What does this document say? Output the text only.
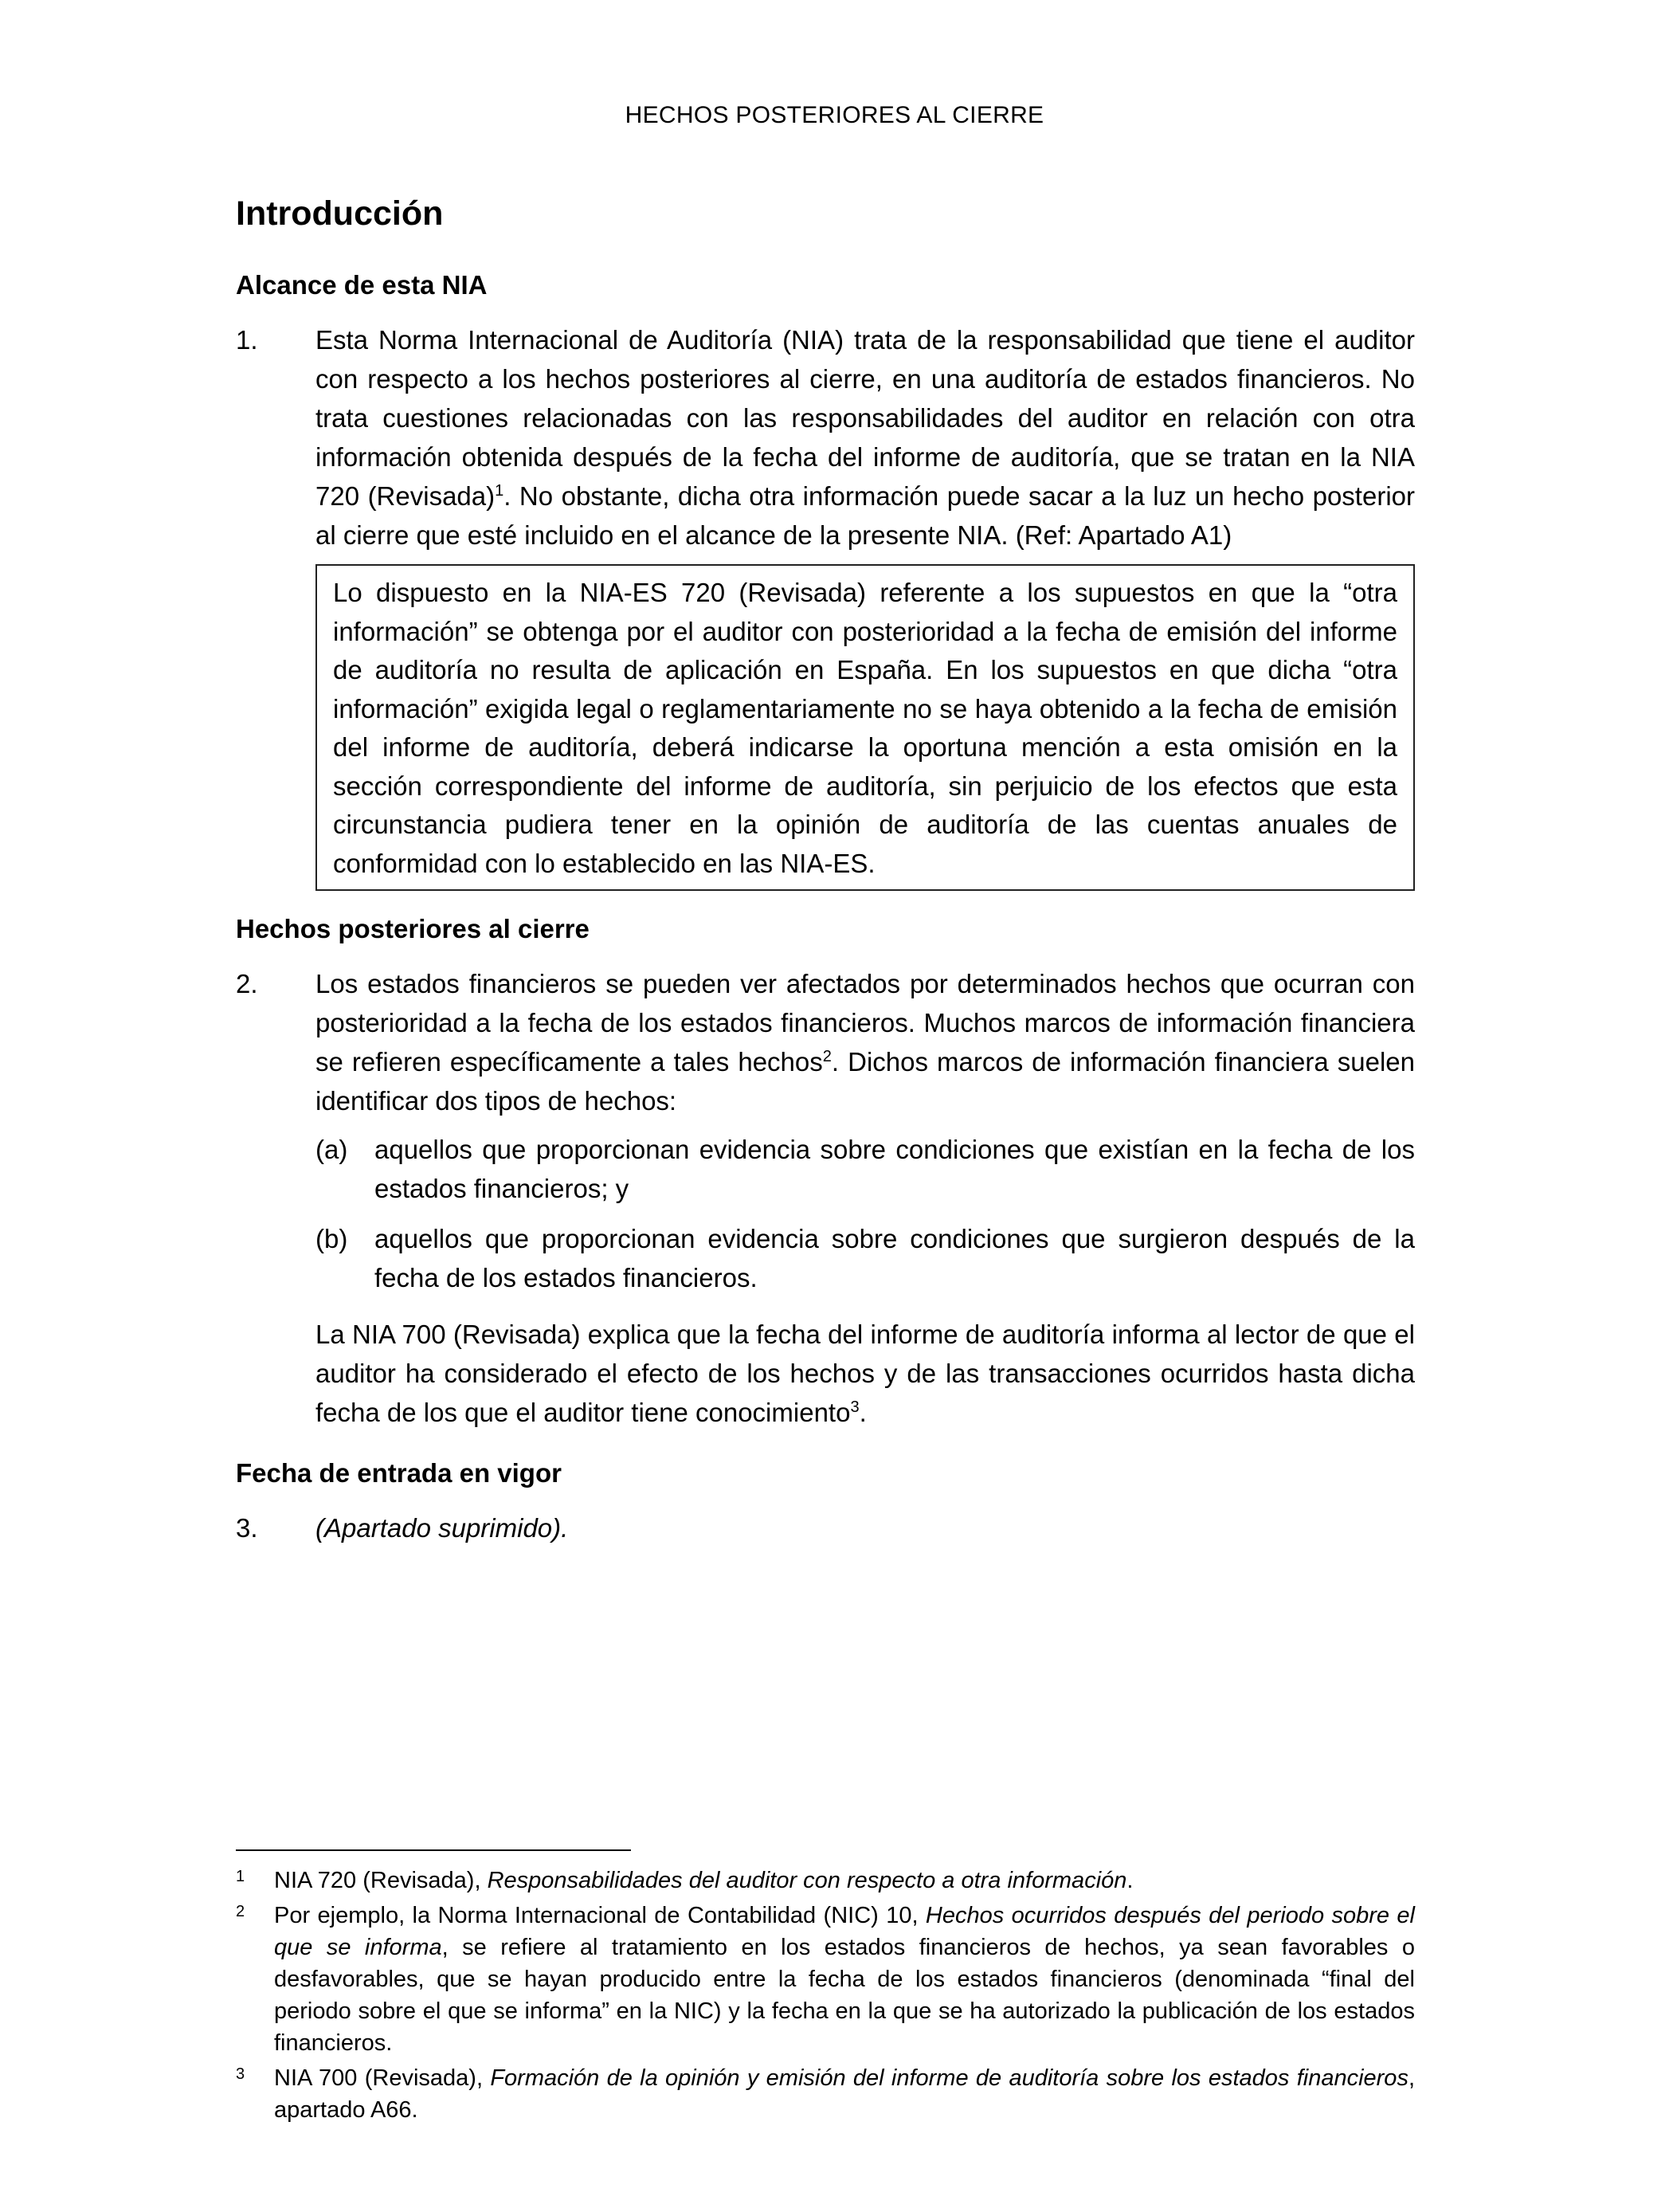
HECHOS POSTERIORES AL CIERRE
Introducción
Alcance de esta NIA
1.	Esta Norma Internacional de Auditoría (NIA) trata de la responsabilidad que tiene el auditor con respecto a los hechos posteriores al cierre, en una auditoría de estados financieros. No trata cuestiones relacionadas con las responsabilidades del auditor en relación con otra información obtenida después de la fecha del informe de auditoría, que se tratan en la NIA 720 (Revisada)$^1$. No obstante, dicha otra información puede sacar a la luz un hecho posterior al cierre que esté incluido en el alcance de la presente NIA. (Ref: Apartado A1)
Lo dispuesto en la NIA-ES 720 (Revisada) referente a los supuestos en que la “otra información” se obtenga por el auditor con posterioridad a la fecha de emisión del informe de auditoría no resulta de aplicación en España. En los supuestos en que dicha “otra información” exigida legal o reglamentariamente no se haya obtenido a la fecha de emisión del informe de auditoría, deberá indicarse la oportuna mención a esta omisión en la sección correspondiente del informe de auditoría, sin perjuicio de los efectos que esta circunstancia pudiera tener en la opinión de auditoría de las cuentas anuales de conformidad con lo establecido en las NIA-ES.
Hechos posteriores al cierre
2.	Los estados financieros se pueden ver afectados por determinados hechos que ocurran con posterioridad a la fecha de los estados financieros. Muchos marcos de información financiera se refieren específicamente a tales hechos$^2$. Dichos marcos de información financiera suelen identificar dos tipos de hechos:
(a)	aquellos que proporcionan evidencia sobre condiciones que existían en la fecha de los estados financieros; y
(b)	aquellos que proporcionan evidencia sobre condiciones que surgieron después de la fecha de los estados financieros.
La NIA 700 (Revisada) explica que la fecha del informe de auditoría informa al lector de que el auditor ha considerado el efecto de los hechos y de las transacciones ocurridos hasta dicha fecha de los que el auditor tiene conocimiento$^3$.
Fecha de entrada en vigor
3.	(Apartado suprimido).
1	NIA 720 (Revisada), Responsabilidades del auditor con respecto a otra información.
2	Por ejemplo, la Norma Internacional de Contabilidad (NIC) 10, Hechos ocurridos después del periodo sobre el que se informa, se refiere al tratamiento en los estados financieros de hechos, ya sean favorables o desfavorables, que se hayan producido entre la fecha de los estados financieros (denominada “final del periodo sobre el que se informa” en la NIC) y la fecha en la que se ha autorizado la publicación de los estados financieros.
3	NIA 700 (Revisada), Formación de la opinión y emisión del informe de auditoría sobre los estados financieros, apartado A66.
